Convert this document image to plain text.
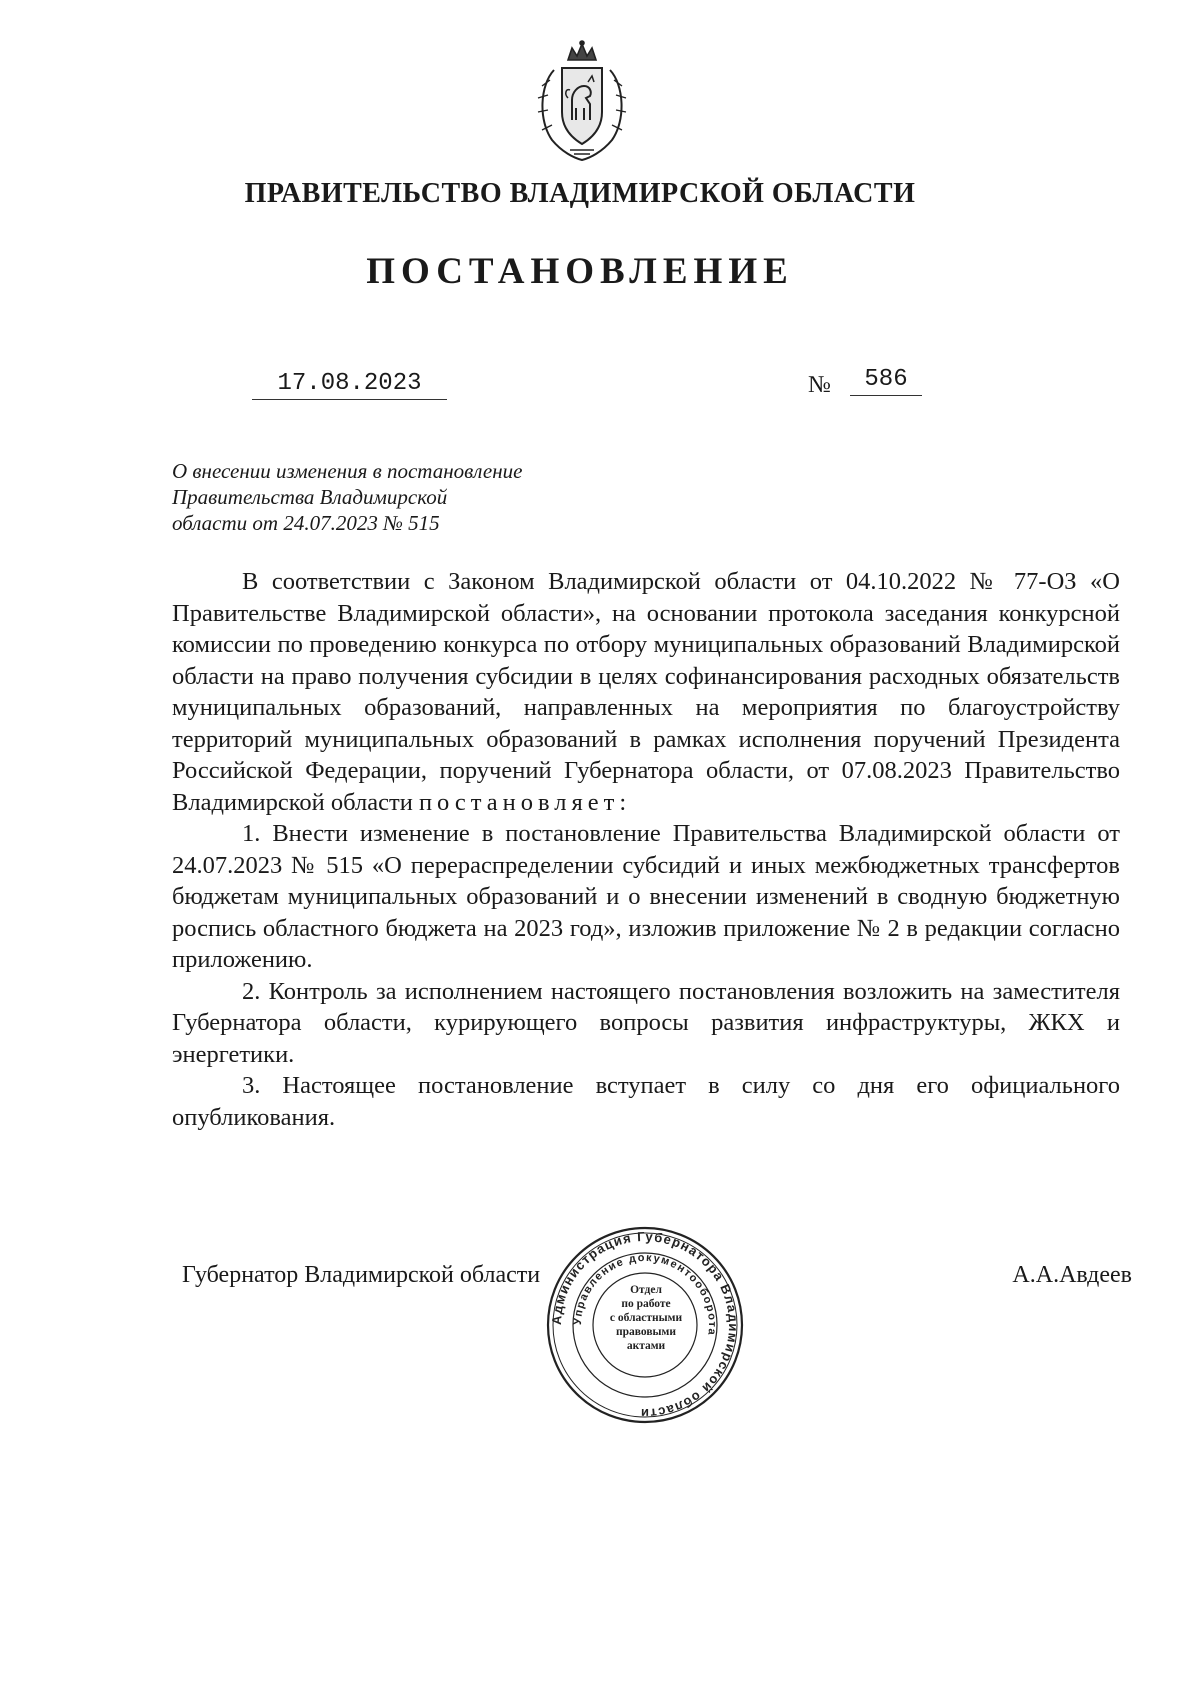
ПРАВИТЕЛЬСТВО ВЛАДИМИРСКОЙ ОБЛАСТИ
ПОСТАНОВЛЕНИЕ
17.08.2023	№	586
О внесении изменения в постановление
Правительства Владимирской
области от 24.07.2023 № 515

В соответствии с Законом Владимирской области от 04.10.2022 № 77-ОЗ «О Правительстве Владимирской области», на основании протокола заседания конкурсной комиссии по проведению конкурса по отбору муниципальных образований Владимирской области на право получения субсидии в целях софинансирования расходных обязательств муниципальных образований, направленных на мероприятия по благоустройству территорий муниципальных образований в рамках исполнения поручений Президента Российской Федерации, поручений Губернатора области, от 07.08.2023 Правительство Владимирской области постановляет:

1. Внести изменение в постановление Правительства Владимирской области от 24.07.2023 № 515 «О перераспределении субсидий и иных межбюджетных трансфертов бюджетам муниципальных образований и о внесении изменений в сводную бюджетную роспись областного бюджета на 2023 год», изложив приложение № 2 в редакции согласно приложению.

2. Контроль за исполнением настоящего постановления возложить на заместителя Губернатора области, курирующего вопросы развития инфраструктуры, ЖКХ и энергетики.

3. Настоящее постановление вступает в силу со дня его официального опубликования.

Губернатор Владимирской области	А.А.Авдеев
Администрация Губернатора Владимирской области
Управление документооборота
Отдел
по работе
с областными
правовыми
актами
